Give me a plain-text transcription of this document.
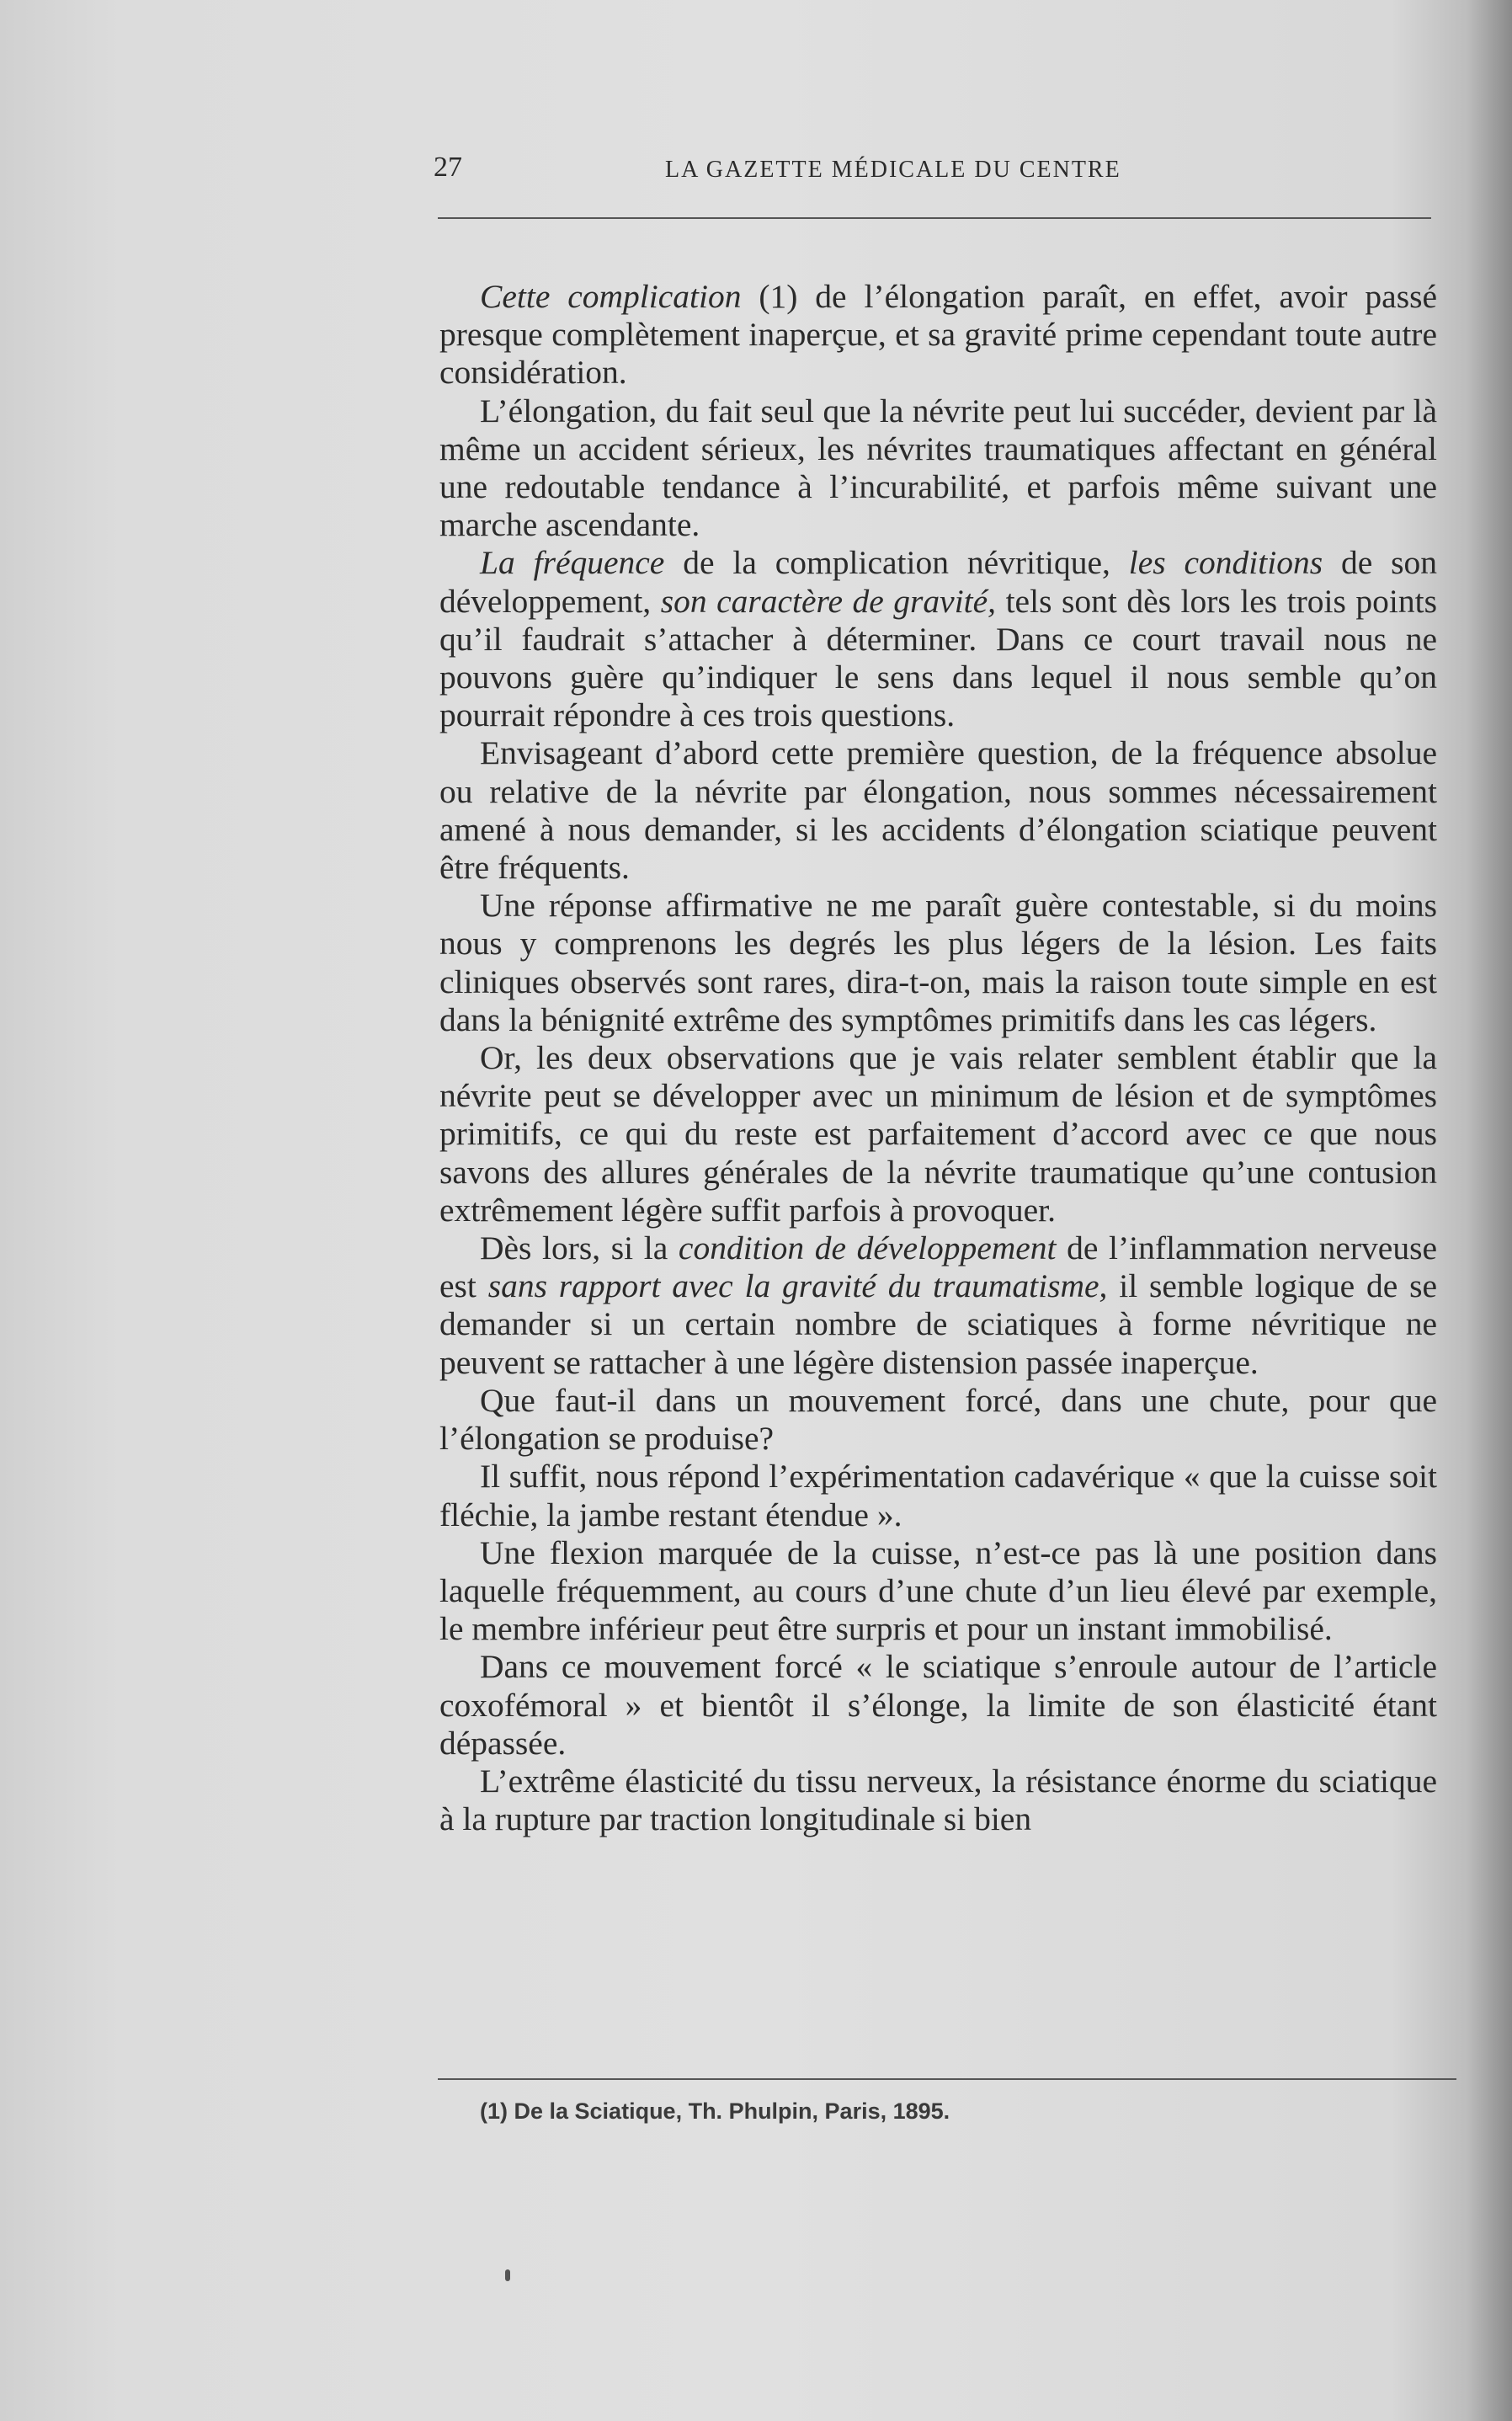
27	LA GAZETTE MÉDICALE DU CENTRE

Cette complication (1) de l’élongation paraît, en effet, avoir passé presque complètement inaperçue, et sa gravité prime cependant toute autre considération.

L’élongation, du fait seul que la névrite peut lui succéder, devient par là même un accident sérieux, les névrites traumatiques affectant en général une redoutable tendance à l’incurabilité, et parfois même suivant une marche ascendante.

La fréquence de la complication névritique, les conditions de son développement, son caractère de gravité, tels sont dès lors les trois points qu’il faudrait s’attacher à déterminer. Dans ce court travail nous ne pouvons guère qu’indiquer le sens dans lequel il nous semble qu’on pourrait répondre à ces trois questions.

Envisageant d’abord cette première question, de la fréquence absolue ou relative de la névrite par élongation, nous sommes nécessairement amené à nous demander, si les accidents d’élongation sciatique peuvent être fréquents.

Une réponse affirmative ne me paraît guère contestable, si du moins nous y comprenons les degrés les plus légers de la lésion. Les faits cliniques observés sont rares, dira-t-on, mais la raison toute simple en est dans la bénignité extrême des symptômes primitifs dans les cas légers.

Or, les deux observations que je vais relater semblent établir que la névrite peut se développer avec un minimum de lésion et de symptômes primitifs, ce qui du reste est parfaitement d’accord avec ce que nous savons des allures générales de la névrite traumatique qu’une contusion extrêmement légère suffit parfois à provoquer.

Dès lors, si la condition de développement de l’inflammation nerveuse est sans rapport avec la gravité du traumatisme, il semble logique de se demander si un certain nombre de sciatiques à forme névritique ne peuvent se rattacher à une légère distension passée inaperçue.

Que faut-il dans un mouvement forcé, dans une chute, pour que l’élongation se produise?

Il suffit, nous répond l’expérimentation cadavérique « que la cuisse soit fléchie, la jambe restant étendue ».

Une flexion marquée de la cuisse, n’est-ce pas là une position dans laquelle fréquemment, au cours d’une chute d’un lieu élevé par exemple, le membre inférieur peut être surpris et pour un instant immobilisé.

Dans ce mouvement forcé « le sciatique s’enroule autour de l’article coxofémoral » et bientôt il s’élonge, la limite de son élasticité étant dépassée.

L’extrême élasticité du tissu nerveux, la résistance énorme du sciatique à la rupture par traction longitudinale si bien

(1) De la Sciatique, Th. Phulpin, Paris, 1895.
